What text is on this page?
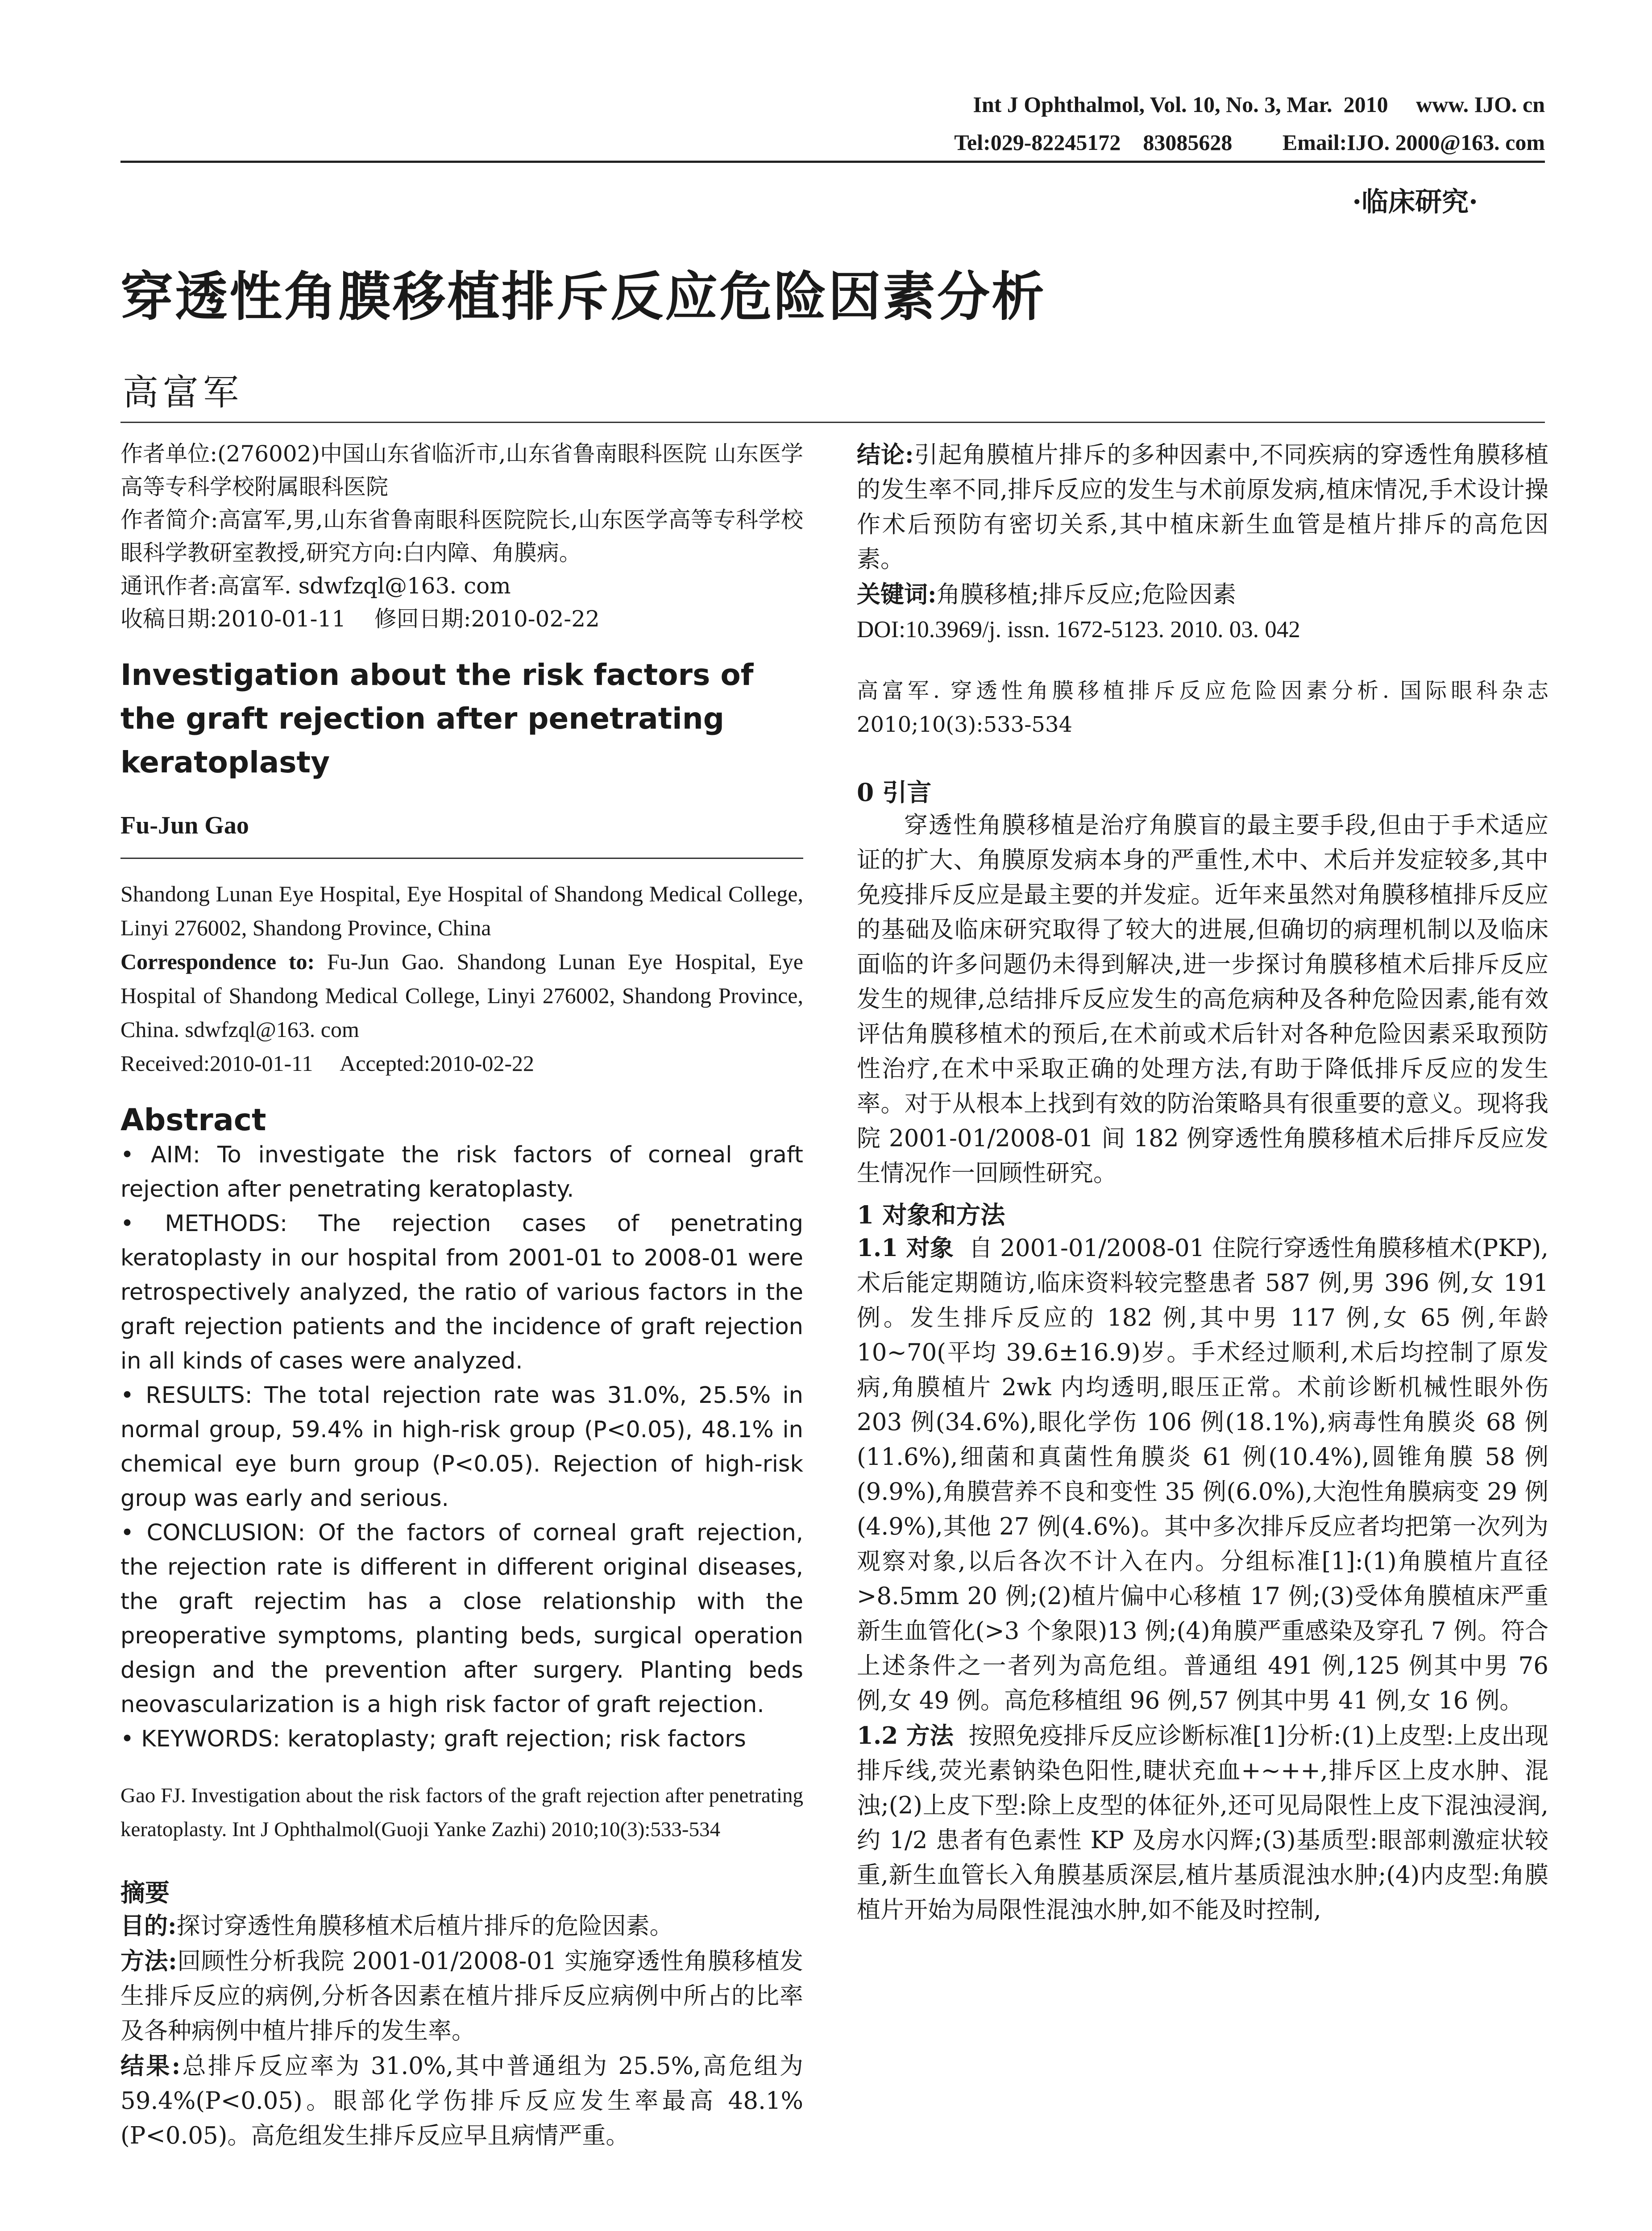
Int J Ophthalmol, Vol. 10, No. 3, Mar.  2010     www. IJO. cn
Tel:029-82245172    83085628         Email:IJO. 2000@163. com
·临床研究·
穿透性角膜移植排斥反应危险因素分析
高富军

作者单位:(276002)中国山东省临沂市,山东省鲁南眼科医院 山东医学高等专科学校附属眼科医院

作者简介:高富军,男,山东省鲁南眼科医院院长,山东医学高等专科学校眼科学教研室教授,研究方向:白内障、角膜病。

通讯作者:高富军. sdwfzql@163. com

收稿日期:2010-01-11    修回日期:2010-02-22

Investigation about the risk factors of the graft rejection after penetrating keratoplasty
Fu-Jun Gao

Shandong Lunan Eye Hospital, Eye Hospital of Shandong Medical College, Linyi 276002, Shandong Province, China

Correspondence to: Fu-Jun Gao. Shandong Lunan Eye Hospital, Eye Hospital of Shandong Medical College, Linyi 276002, Shandong Province, China. sdwfzql@163. com

Received:2010-01-11     Accepted:2010-02-22

Abstract

• AIM: To investigate the risk factors of corneal graft rejection after penetrating keratoplasty.

• METHODS: The rejection cases of penetrating keratoplasty in our hospital from 2001-01 to 2008-01 were retrospectively analyzed, the ratio of various factors in the graft rejection patients and the incidence of graft rejection in all kinds of cases were analyzed.

• RESULTS: The total rejection rate was 31.0%, 25.5% in normal group, 59.4% in high-risk group (P<0.05), 48.1% in chemical eye burn group (P<0.05). Rejection of high-risk group was early and serious.

• CONCLUSION: Of the factors of corneal graft rejection, the rejection rate is different in different original diseases, the graft rejectim has a close relationship with the preoperative symptoms, planting beds, surgical operation design and the prevention after surgery. Planting beds neovascularization is a high risk factor of graft rejection.

• KEYWORDS: keratoplasty; graft rejection; risk factors

Gao FJ. Investigation about the risk factors of the graft rejection after penetrating keratoplasty. Int J Ophthalmol(Guoji Yanke Zazhi) 2010;10(3):533-534
摘要

目的:探讨穿透性角膜移植术后植片排斥的危险因素。

方法:回顾性分析我院 2001-01/2008-01 实施穿透性角膜移植发生排斥反应的病例,分析各因素在植片排斥反应病例中所占的比率及各种病例中植片排斥的发生率。

结果:总排斥反应率为 31.0%,其中普通组为 25.5%,高危组为 59.4%(P<0.05)。眼部化学伤排斥反应发生率最高 48.1%(P<0.05)。高危组发生排斥反应早且病情严重。

结论:引起角膜植片排斥的多种因素中,不同疾病的穿透性角膜移植的发生率不同,排斥反应的发生与术前原发病,植床情况,手术设计操作术后预防有密切关系,其中植床新生血管是植片排斥的高危因素。

关键词:角膜移植;排斥反应;危险因素

DOI:10.3969/j. issn. 1672-5123. 2010. 03. 042

高富军. 穿透性角膜移植排斥反应危险因素分析. 国际眼科杂志 2010;10(3):533-534
0 引言
穿透性角膜移植是治疗角膜盲的最主要手段,但由于手术适应证的扩大、角膜原发病本身的严重性,术中、术后并发症较多,其中免疫排斥反应是最主要的并发症。近年来虽然对角膜移植排斥反应的基础及临床研究取得了较大的进展,但确切的病理机制以及临床面临的许多问题仍未得到解决,进一步探讨角膜移植术后排斥反应发生的规律,总结排斥反应发生的高危病种及各种危险因素,能有效评估角膜移植术的预后,在术前或术后针对各种危险因素采取预防性治疗,在术中采取正确的处理方法,有助于降低排斥反应的发生率。对于从根本上找到有效的防治策略具有很重要的意义。现将我院 2001-01/2008-01 间 182 例穿透性角膜移植术后排斥反应发生情况作一回顾性研究。
1 对象和方法

1.1 对象  自 2001-01/2008-01 住院行穿透性角膜移植术(PKP),术后能定期随访,临床资料较完整患者 587 例,男 396 例,女 191 例。发生排斥反应的 182 例,其中男 117 例,女 65 例,年龄 10~70(平均 39.6±16.9)岁。手术经过顺利,术后均控制了原发病,角膜植片 2wk 内均透明,眼压正常。术前诊断机械性眼外伤 203 例(34.6%),眼化学伤 106 例(18.1%),病毒性角膜炎 68 例(11.6%),细菌和真菌性角膜炎 61 例(10.4%),圆锥角膜 58 例(9.9%),角膜营养不良和变性 35 例(6.0%),大泡性角膜病变 29 例(4.9%),其他 27 例(4.6%)。其中多次排斥反应者均把第一次列为观察对象,以后各次不计入在内。分组标准[1]:(1)角膜植片直径>8.5mm 20 例;(2)植片偏中心移植 17 例;(3)受体角膜植床严重新生血管化(>3 个象限)13 例;(4)角膜严重感染及穿孔 7 例。符合上述条件之一者列为高危组。普通组 491 例,125 例其中男 76 例,女 49 例。高危移植组 96 例,57 例其中男 41 例,女 16 例。

1.2 方法  按照免疫排斥反应诊断标准[1]分析:(1)上皮型:上皮出现排斥线,荧光素钠染色阳性,睫状充血+~++,排斥区上皮水肿、混浊;(2)上皮下型:除上皮型的体征外,还可见局限性上皮下混浊浸润,约 1/2 患者有色素性 KP 及房水闪辉;(3)基质型:眼部刺激症状较重,新生血管长入角膜基质深层,植片基质混浊水肿;(4)内皮型:角膜植片开始为局限性混浊水肿,如不能及时控制,
